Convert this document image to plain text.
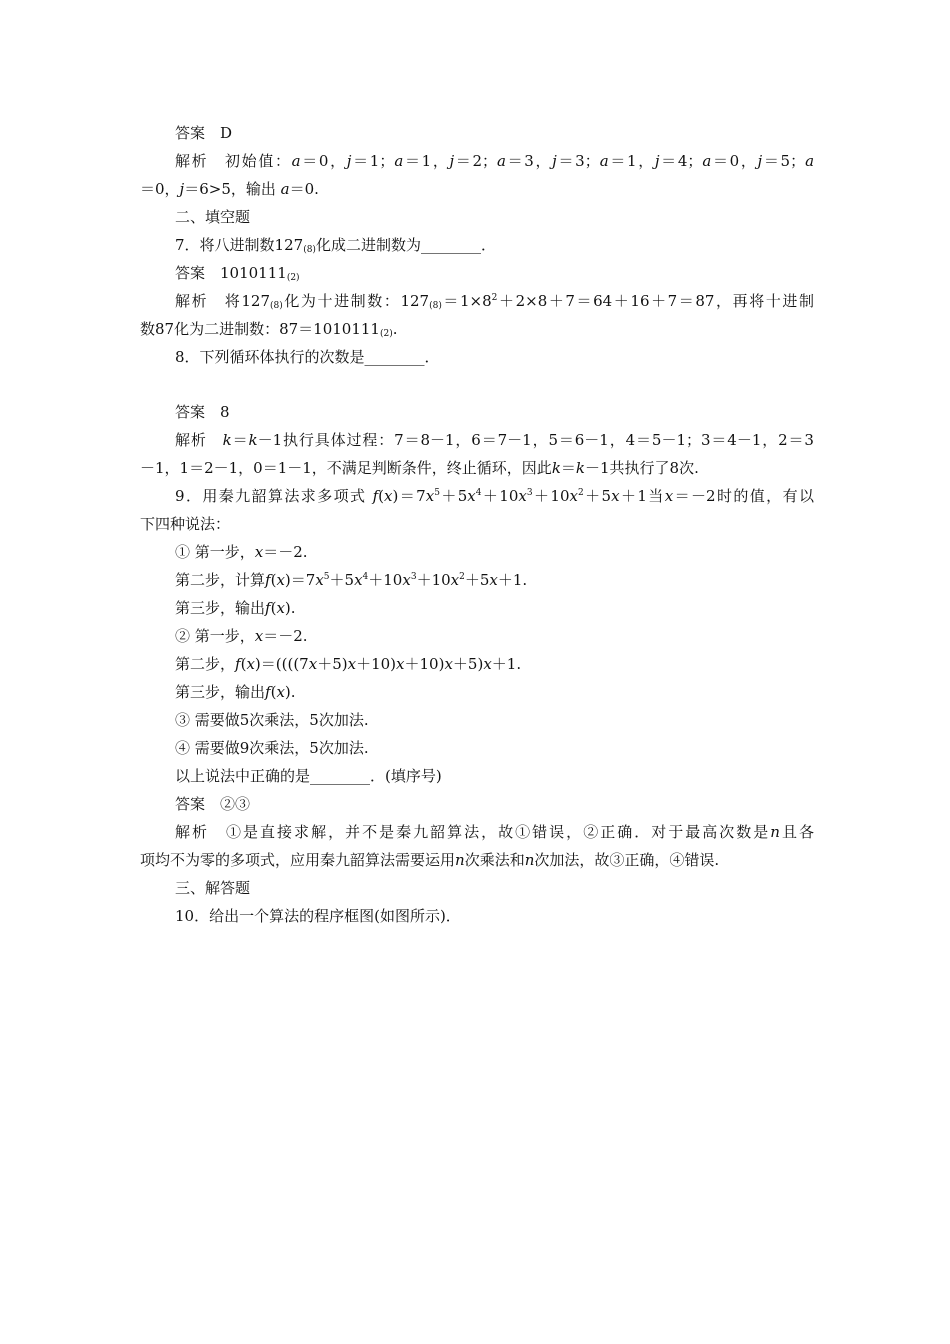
答案　D
解析　初始值：a＝0，j＝1；a＝1，j＝2；a＝3，j＝3；a＝1，j＝4；a＝0，j＝5；a
＝0，j＝6>5，输出 a＝0.
二、填空题
7．将八进制数$127_{(8)}$化成二进制数为________．
答案　$1010111_{(2)}$
解析　将$127_{(8)}$化为十进制数：$127_{(8)}=1\times 8^2+2\times 8+7=64+16+7=87$，再将十进制
数87化为二进制数：$87=1010111_{(2)}$.
8．下列循环体执行的次数是________．
答案　8
解析　k＝k－1执行具体过程：7＝8－1，6＝7－1，5＝6－1，4＝5－1；3＝4－1，2＝3
－1，1＝2－1，0＝1－1，不满足判断条件，终止循环，因此k＝k－1共执行了8次.
9．用秦九韶算法求多项式 $f(x)=7x^5+5x^4+10x^3+10x^2+5x+1$当x＝－2时的值，有以
下四种说法：
① 第一步，x＝－2.
第二步，计算$f(x)=7x^5+5x^4+10x^3+10x^2+5x+1$.
第三步，输出f(x).
② 第一步，x＝－2.
第二步，f(x)＝((((7x＋5)x＋10)x＋10)x＋5)x＋1.
第三步，输出f(x).
③ 需要做5次乘法，5次加法.
④ 需要做9次乘法，5次加法.
以上说法中正确的是________．(填序号)
答案　②③
解析　①是直接求解，并不是秦九韶算法，故①错误，②正确．对于最高次数是n且各
项均不为零的多项式，应用秦九韶算法需要运用n次乘法和n次加法，故③正确，④错误.
三、解答题
10．给出一个算法的程序框图(如图所示)．
